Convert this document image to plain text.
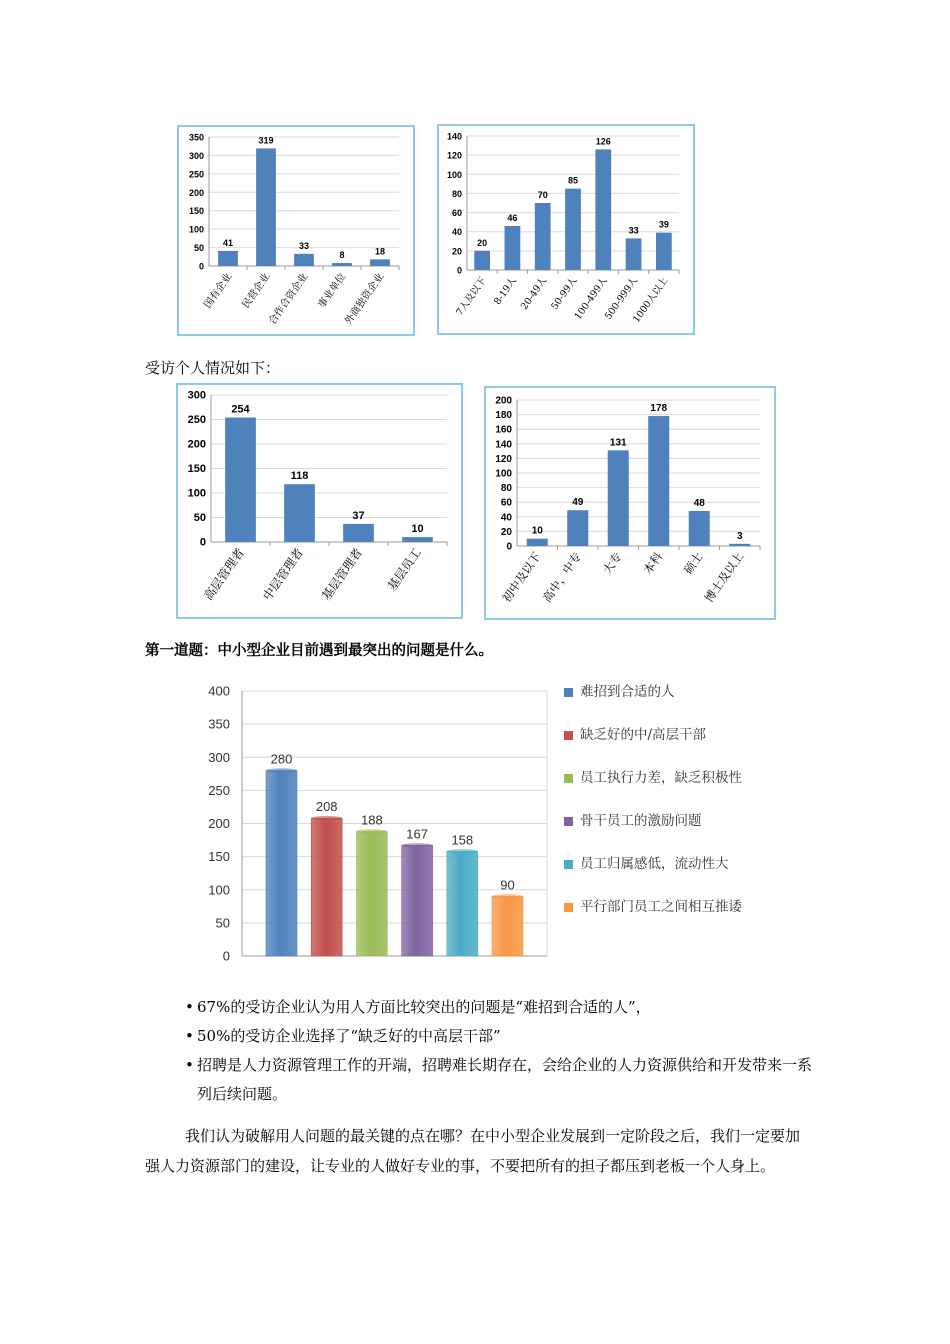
0
50
100
150
200
250
300
350
41
国有企业
319
民营企业
33
合作合资企业
8
事业单位
18
外商独资企业
0
20
40
60
80
100
120
140
20
7人及以下
46
8-19人
70
20-49人
85
50-99人
126
100-499人
33
500-999人
39
1000人以上
受访个人情况如下：
0
50
100
150
200
250
300
254
高层管理者
118
中层管理者
37
基层管理者
10
基层员工	0
20
40
60
80
100
120
140
160
180
200
10
初中及以下
49
高中，中专
131
大专
178
本科
48
硕士
3
博士及以上
第一道题：中小型企业目前遇到最突出的问题是什么。
0
50
100
150
200
250
300
350
400
280
208
188
167 158
90
难招到合适的人
缺乏好的中/高层干部
员工执行力差，缺乏积极性
骨干员工的激励问题
员工归属感低，流动性大
平行部门员工之间相互推诿
• 67%的受访企业认为用人方面比较突出的问题是“难招到合适的人”，
• 50%的受访企业选择了“缺乏好的中高层干部”
• 招聘是人力资源管理工作的开端，招聘难长期存在，会给企业的人力资源供给和开发带来一系列后续问题。
我们认为破解用人问题的最关键的点在哪？在中小型企业发展到一定阶段之后，我们一定要加强人力资源部门的建设，让专业的人做好专业的事，不要把所有的担子都压到老板一个人身上。
